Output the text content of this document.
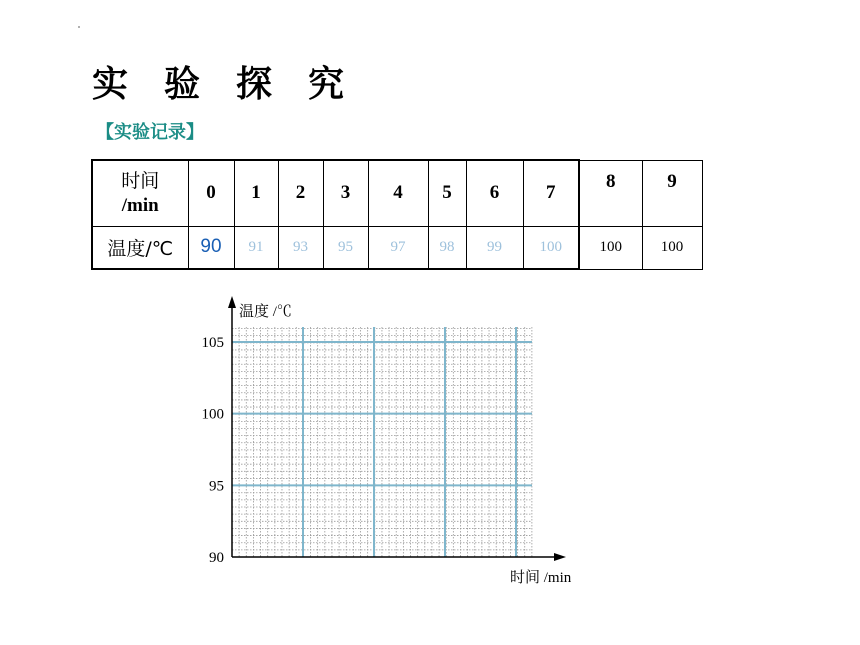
实验探究
【实验记录】
时间
/min	0	1	2	3	4	5	6	7	8	9
温度/℃	90	91	93	95	97	98	99	100	100	100
90
95
100
105
温度 /℃
时间 /min
